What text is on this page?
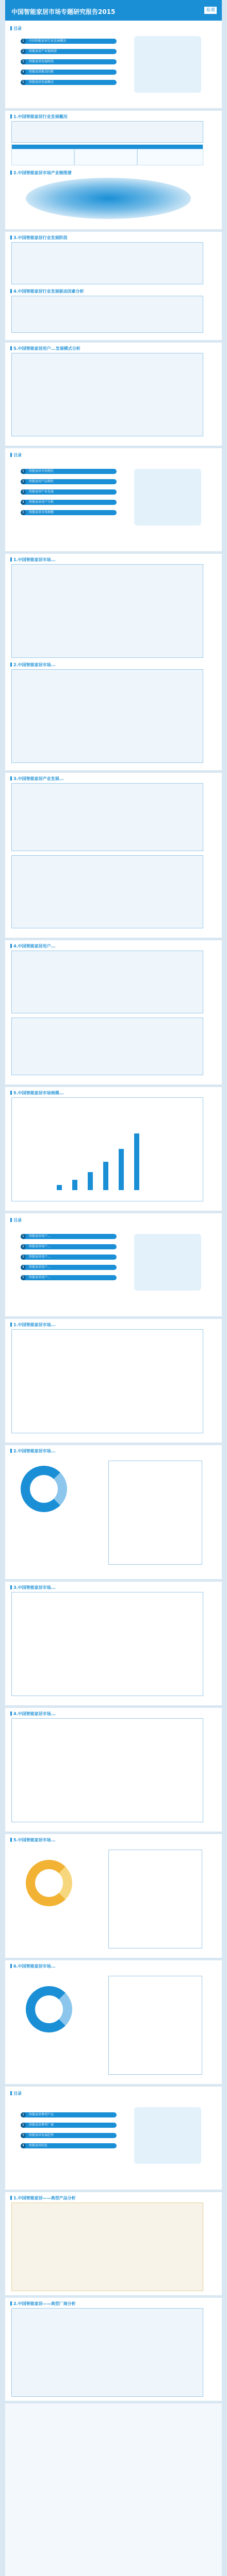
中国智能家居市场专题研究报告2015	易观
目录
1	中国智能家居行业发展概况
2	智能家居产业链图谱
3	智能家居发展阶段
4	智能家居驱动因素
5	智能家居发展模式
1.中国智能家居行业发展概况
2.中国智能家居市场产业链图谱
3.中国智能家居行业发展阶段
4.中国智能家居行业发展驱动因素分析
5.中国智能家居用户...发展模式分析
目录
1	智能家居市场现状
2	智能家居产品现状
3	智能家居产业发展
4	智能家居用户分析
5	智能家居市场规模
1.中国智能家居市场...
2.中国智能家居市场...
3.中国智能家居产业发展...
4.中国智能家居用户...
5.中国智能家居市场规模...
目录
1	智能家居用户...
2	智能家居用户...
3	智能家居用户...
4	智能家居用户...
5	智能家居用户...
1.中国智能家居市场...
2.中国智能家居市场...
3.中国智能家居市场...
4.中国智能家居市场...
5.中国智能家居市场...
6.中国智能家居市场...
目录
1	智能家居典型产品
2	智能家居典型厂商
3	智能家居发展趋势
4	智能家居结论
1.中国智能家居——典型产品分析
2.中国智能家居——典型厂商分析
